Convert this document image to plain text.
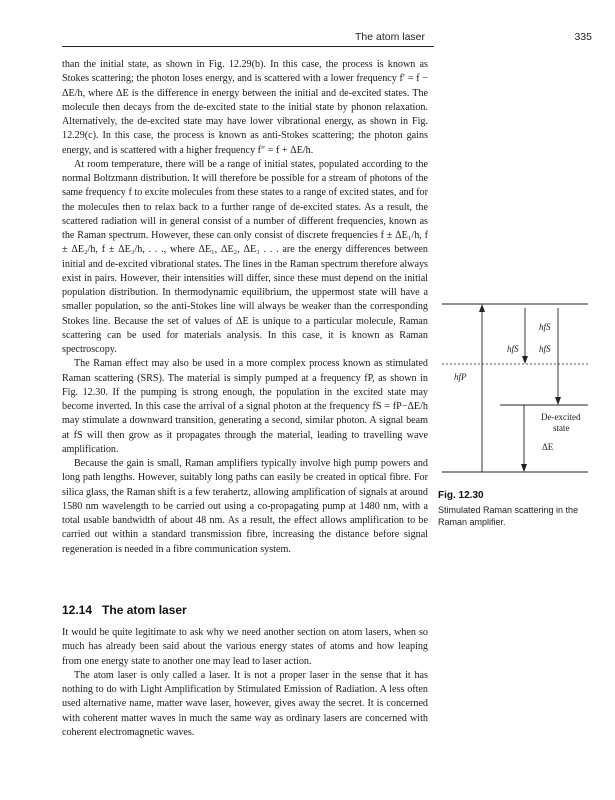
The atom laser	335

than the initial state, as shown in Fig. 12.29(b). In this case, the process is known as Stokes scattering; the photon loses energy, and is scattered with a lower frequency f′ = f − ΔE/h, where ΔE is the difference in energy between the initial and de-excited states. The molecule then decays from the de-excited state to the initial state by phonon relaxation. Alternatively, the de-excited state may have lower vibrational energy, as shown in Fig. 12.29(c). In this case, the process is known as anti-Stokes scattering; the photon gains energy, and is scattered with a higher frequency f″ = f + ΔE/h.

At room temperature, there will be a range of initial states, populated according to the normal Boltzmann distribution. It will therefore be possible for a stream of photons of the same frequency f to excite molecules from these states to a range of excited states, and for the molecules then to relax back to a further range of de-excited states. As a result, the scattered radiation will in general consist of a number of different frequencies, known as the Raman spectrum. However, these can only consist of discrete frequencies f ± ΔE₁/h, f ± ΔE₂/h, f ± ΔE₃/h, . . ., where ΔE₁, ΔE₂, ΔE₃ . . . are the energy differences between initial and de-excited vibrational states. The lines in the Raman spectrum therefore always exist in pairs. However, their intensities will differ, since these must depend on the initial population distribution. In thermodynamic equilibrium, the uppermost state will have a smaller population, so the anti-Stokes line will always be weaker than the corresponding Stokes line. Because the set of values of ΔE is unique to a particular molecule, Raman scattering can be used for materials analysis. In this case, it is known as Raman spectroscopy.

The Raman effect may also be used in a more complex process known as stimulated Raman scattering (SRS). The material is simply pumped at a frequency fP, as shown in Fig. 12.30. If the pumping is strong enough, the population in the excited state may become inverted. In this case the arrival of a signal photon at the frequency fS = fP−ΔE/h may stimulate a downward transition, generating a second, similar photon. A signal beam at fS will then grow as it propagates through the material, leading to travelling wave amplification.

Because the gain is small, Raman amplifiers typically involve high pump powers and long path lengths. However, suitably long paths can easily be created in optical fibre. For silica glass, the Raman shift is a few terahertz, allowing amplification of signals at around 1580 nm wavelength to be carried out using a co-propagating pump at 1480 nm, with a total usable bandwidth of about 48 nm. As a result, the effect allows amplification to be carried out within a standard transmission fibre, increasing the distance before signal regeneration is needed in a fibre communication system.

hfP
hfS
hfS
hfS
De-excited
state
ΔE
Fig. 12.30
Stimulated Raman scattering in the Raman amplifier.
12.14 The atom laser

It would be quite legitimate to ask why we need another section on atom lasers, when so much has already been said about the various energy states of atoms and how leaping from one energy state to another one may lead to laser action.

The atom laser is only called a laser. It is not a proper laser in the sense that it has nothing to do with Light Amplification by Stimulated Emission of Radiation. A less often used alternative name, matter wave laser, however, gives away the secret. It is concerned with coherent matter waves in much the same way as ordinary lasers are concerned with coherent electromagnetic waves.
